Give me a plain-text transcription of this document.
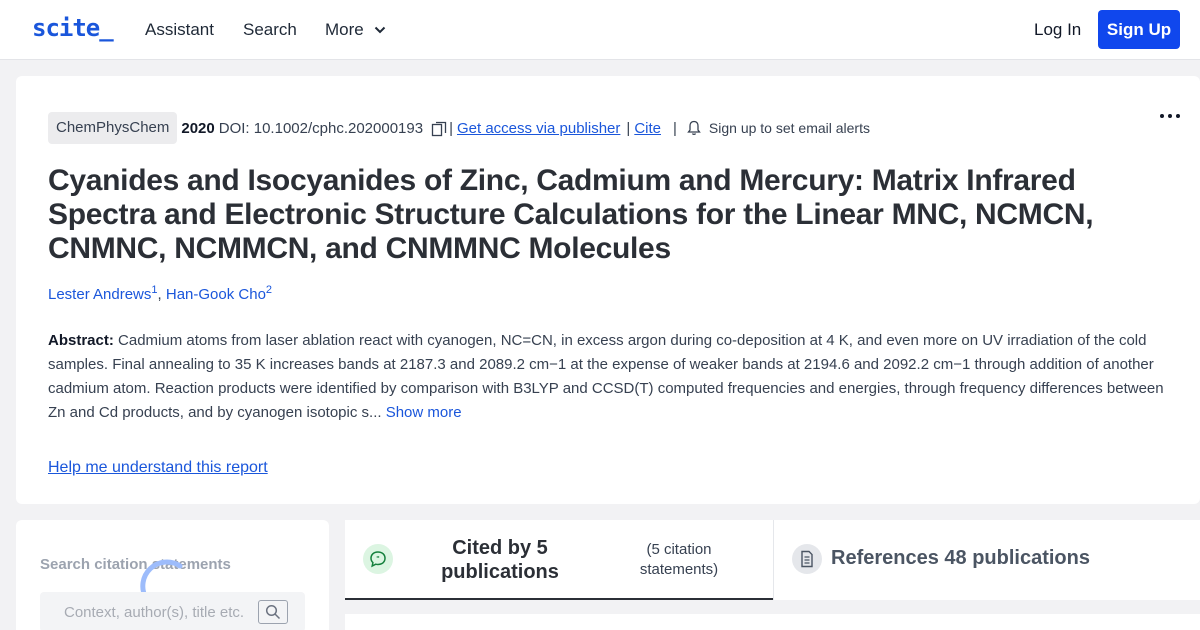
scite_ Assistant Search More	Log In	Sign Up
ChemPhysChem 2020 DOI: 10.1002/cphc.202000193 | Get access via publisher | Cite | Sign up to set email alerts
Cyanides and Isocyanides of Zinc, Cadmium and Mercury: Matrix Infrared Spectra and Electronic Structure Calculations for the Linear MNC, NCMCN, CNMNC, NCMMCN, and CNMMNC Molecules
Lester Andrews$^1$, Han-Gook Cho$^2$

Abstract: Cadmium atoms from laser ablation react with cyanogen, NC=CN, in excess argon during co-deposition at 4 K, and even more on UV irradiation of the cold samples. Final annealing to 35 K increases bands at 2187.3 and 2089.2 cm−1 at the expense of weaker bands at 2194.6 and 2092.2 cm−1 through addition of another cadmium atom. Reaction products were identified by comparison with B3LYP and CCSD(T) computed frequencies and energies, through frequency differences between Zn and Cd products, and by cyanogen isotopic s... Show more

Help me understand this report
Search citation statements
Context, author(s), title etc.	"	Cited by 5 publications
(5 citation statements)
References 48 publications
